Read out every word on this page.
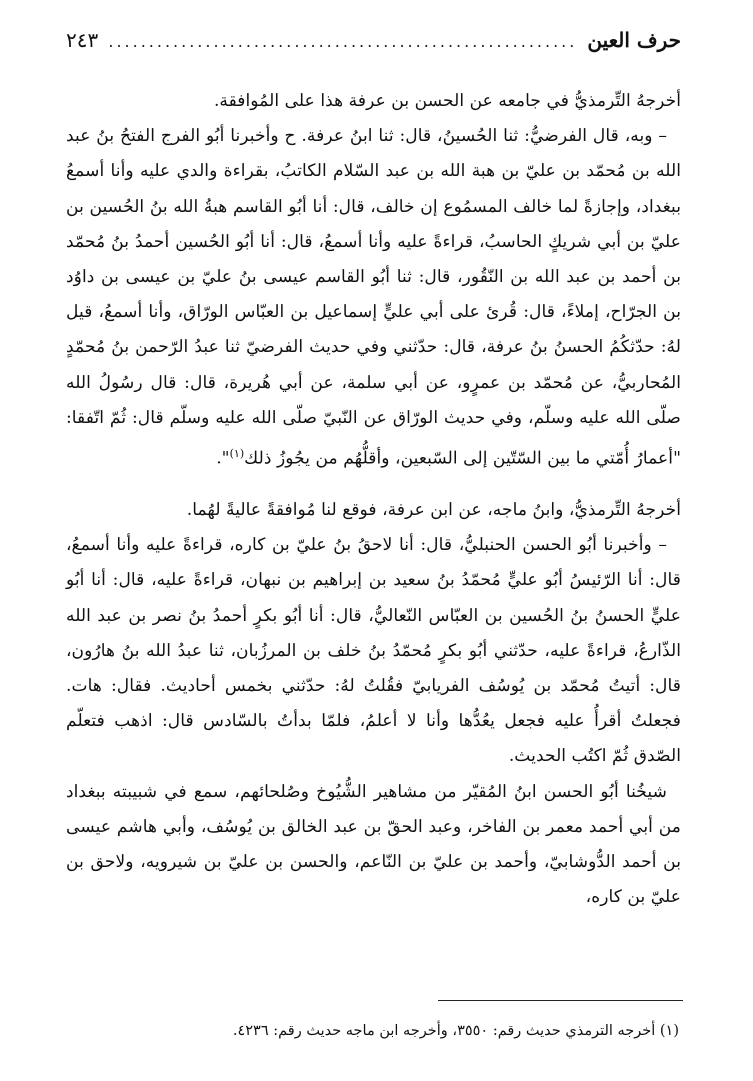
حرف العين
..........................................................
٢٤٣

أخرجهُ التِّرمذيُّ في جامعه عن الحسن بن عرفة هذا على المُوافقة.

– وبه، قال الفرضيُّ: ثنا الحُسينُ، قال: ثنا ابنُ عرفة. ح وأخبرنا أبُو الفرج الفتحُ بنُ عبد الله بن مُحمّد بن عليّ بن هبة الله بن عبد السّلام الكاتبُ، بقراءة والدي عليه وأنا أسمعُ ببغداد، وإجازةً لما خالف المسمُوع إن خالف، قال: أنا أبُو القاسم هبةُ الله بنُ الحُسين بن عليّ بن أبي شريكٍ الحاسبُ، قراءةً عليه وأنا أسمعُ، قال: أنا أبُو الحُسين أحمدُ بنُ مُحمّد بن أحمد بن عبد الله بن النّقُور، قال: ثنا أبُو القاسم عيسى بنُ عليّ بن عيسى بن داوُد بن الجرّاح، إملاءً، قال: قُرئ على أبي عليٍّ إسماعيل بن العبّاس الورّاق، وأنا أسمعُ، قيل لهُ: حدّثكُمُ الحسنُ بنُ عرفة، قال: حدّثني وفي حديث الفرضيّ ثنا عبدُ الرّحمن بنُ مُحمّدٍ المُحاربيُّ، عن مُحمّد بن عمرٍو، عن أبي سلمة، عن أبي هُريرة، قال: قال رسُولُ الله صلّى الله عليه وسلّم، وفي حديث الورّاق عن النّبيّ صلّى الله عليه وسلّم قال: ثُمّ اتّفقا: "أعمارُ أُمّتي ما بين السّتّين إلى السّبعين، وأقلُّهُم من يجُوزُ ذلك$^{(١)}$".

أخرجهُ التِّرمذيُّ، وابنُ ماجه، عن ابن عرفة، فوقع لنا مُوافقةً عاليةً لهُما.

– وأخبرنا أبُو الحسن الحنبليُّ، قال: أنا لاحقُ بنُ عليّ بن كاره، قراءةً عليه وأنا أسمعُ، قال: أنا الرّئيسُ أبُو عليٍّ مُحمّدُ بنُ سعيد بن إبراهيم بن نبهان، قراءةً عليه، قال: أنا أبُو عليٍّ الحسنُ بنُ الحُسين بن العبّاس النّعاليُّ، قال: أنا أبُو بكرٍ أحمدُ بنُ نصر بن عبد الله الذّارعُ، قراءةً عليه، حدّثني أبُو بكرٍ مُحمّدُ بنُ خلف بن المرزُبان، ثنا عبدُ الله بنُ هارُون، قال: أتيتُ مُحمّد بن يُوسُف الفريابيّ فقُلتُ لهُ: حدّثني بخمس أحاديث. فقال: هات. فجعلتُ أقرأُ عليه فجعل يعُدُّها وأنا لا أعلمُ، فلمّا بدأتُ بالسّادس قال: اذهب فتعلّم الصّدق ثُمّ اكتُب الحديث.

شيخُنا أبُو الحسن ابنُ المُقيّر من مشاهير الشُّيُوخ وصُلحائهم، سمع في شبيبته ببغداد من أبي أحمد معمر بن الفاخر، وعبد الحقّ بن عبد الخالق بن يُوسُف، وأبي هاشم عيسى بن أحمد الدُّوشابيّ، وأحمد بن عليّ بن النّاعم، والحسن بن عليّ بن شيرويه، ولاحق بن عليّ بن كاره،

(١) أخرجه الترمذي حديث رقم: ٣٥٥٠، وأخرجه ابن ماجه حديث رقم: ٤٢٣٦.
